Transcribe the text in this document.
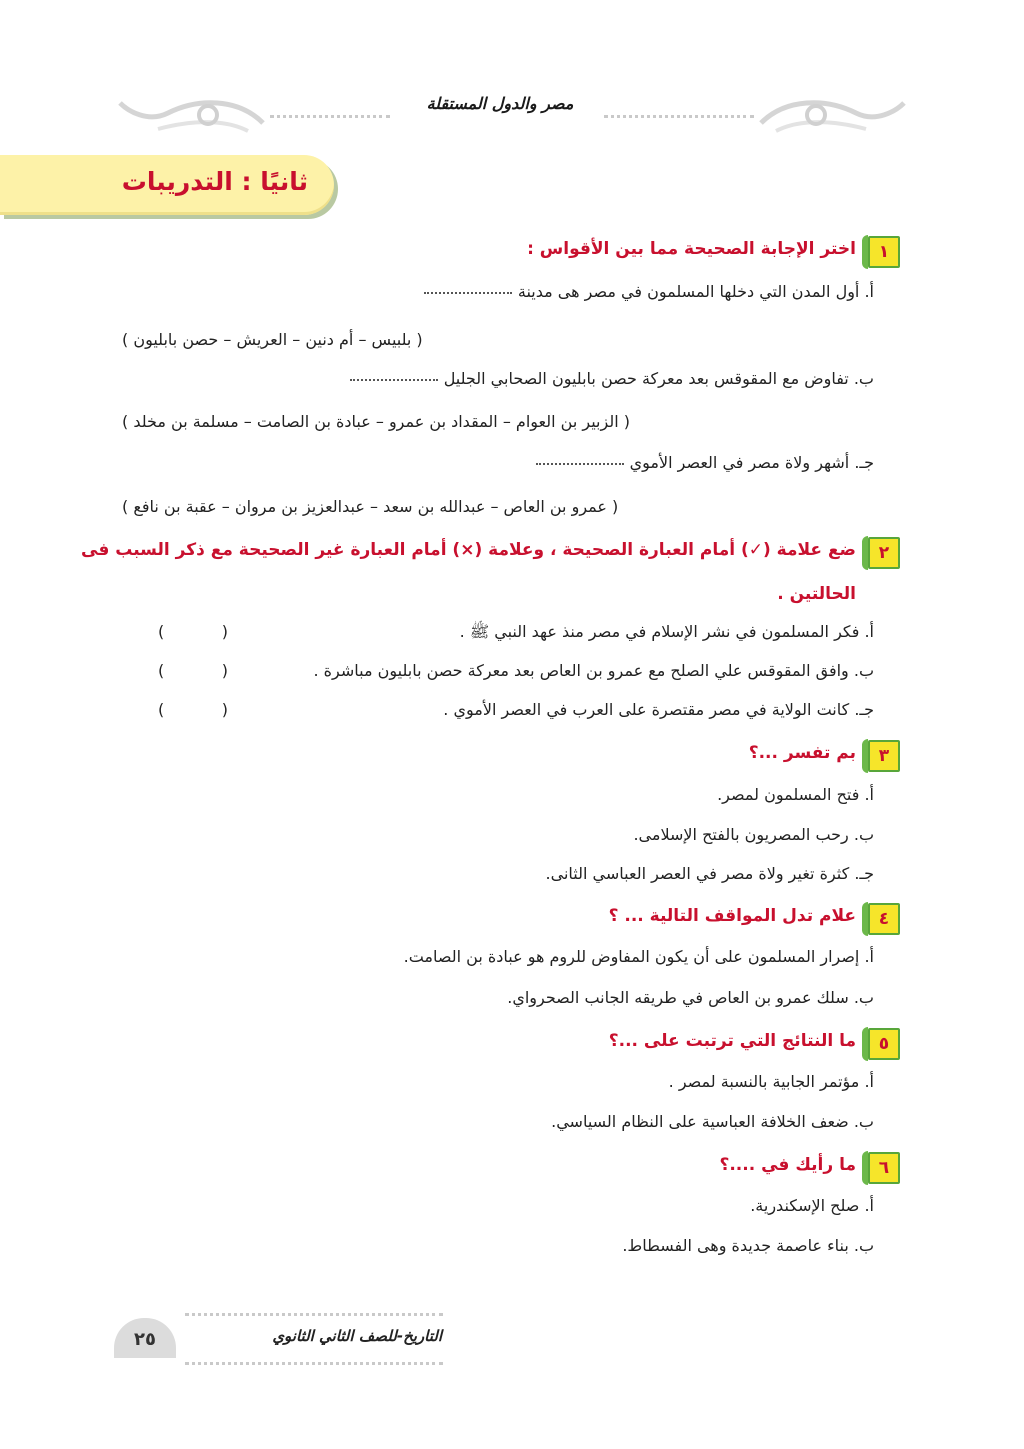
مصر والدول المستقلة
ثانيًا : التدريبات
١
اختر الإجابة الصحيحة مما بين الأقواس :
أ. أول المدن التي دخلها المسلمون في مصر هى مدينة
( بلبيس – أم دنين – العريش – حصن بابليون )
ب. تفاوض مع المقوقس بعد معركة حصن بابليون الصحابي الجليل
( الزبير بن العوام – المقداد بن عمرو – عبادة بن الصامت – مسلمة بن مخلد )
جـ. أشهر ولاة مصر في العصر الأموي
( عمرو بن العاص – عبدالله بن سعد – عبدالعزيز بن مروان – عقبة بن نافع )
٢
ضع علامة (✓) أمام العبارة الصحيحة ، وعلامة (×) أمام العبارة غير الصحيحة مع ذكر السبب فى
الحالتين .
أ. فكر المسلمون في نشر الإسلام في مصر منذ عهد النبي ﷺ .
(
)
ب. وافق المقوقس علي الصلح مع عمرو بن العاص بعد معركة حصن بابليون مباشرة .
(
)
جـ. كانت الولاية في مصر مقتصرة على العرب في العصر الأموي .
(
)
٣
بم تفسر ...؟
أ. فتح المسلمون لمصر.
ب. رحب المصريون بالفتح الإسلامى.
جـ. كثرة تغير ولاة مصر في العصر العباسي الثانى.
٤
علام تدل المواقف التالية ... ؟
أ. إصرار المسلمون على أن يكون المفاوض للروم هو عبادة بن الصامت.
ب. سلك عمرو بن العاص في طريقه الجانب الصحرواي.
٥
ما النتائج التي ترتبت على ...؟
أ. مؤتمر الجابية بالنسبة لمصر .
ب. ضعف الخلافة العباسية على النظام السياسي.
٦
ما رأيك في ....؟
أ. صلح الإسكندرية.
ب. بناء عاصمة جديدة وهى الفسطاط.
التاريخ-للصف الثاني الثانوي
٢٥
